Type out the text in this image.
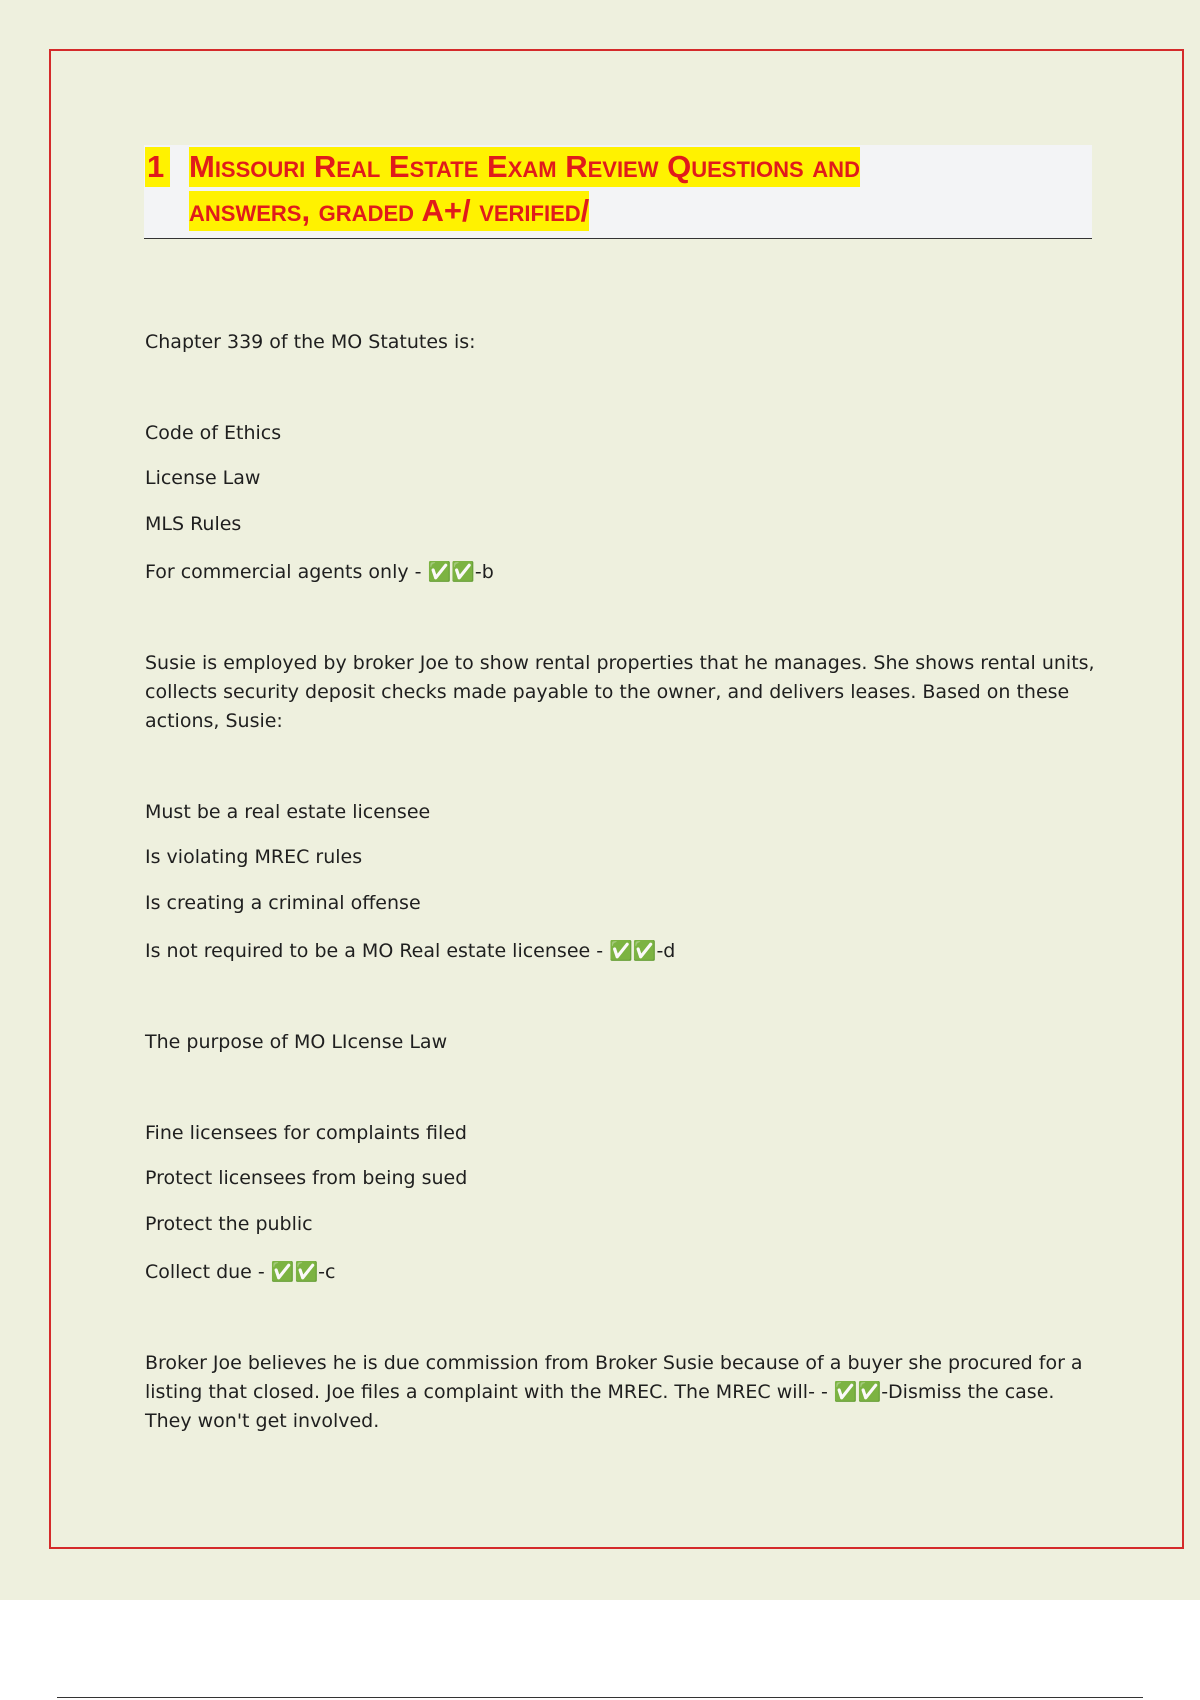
1 Missouri Real Estate Exam Review Questions and
answers, graded A+/ verified/
Chapter 339 of the MO Statutes is:
Code of Ethics
License Law
MLS Rules
For commercial agents only - ✅✅-b
Susie is employed by broker Joe to show rental properties that he manages. She shows rental units, collects security deposit checks made payable to the owner, and delivers leases. Based on these actions, Susie:
Must be a real estate licensee
Is violating MREC rules
Is creating a criminal offense
Is not required to be a MO Real estate licensee - ✅✅-d
The purpose of MO LIcense Law
Fine licensees for complaints filed
Protect licensees from being sued
Protect the public
Collect due - ✅✅-c
Broker Joe believes he is due commission from Broker Susie because of a buyer she procured for a listing that closed. Joe files a complaint with the MREC. The MREC will- - ✅✅-Dismiss the case. They won't get involved.
